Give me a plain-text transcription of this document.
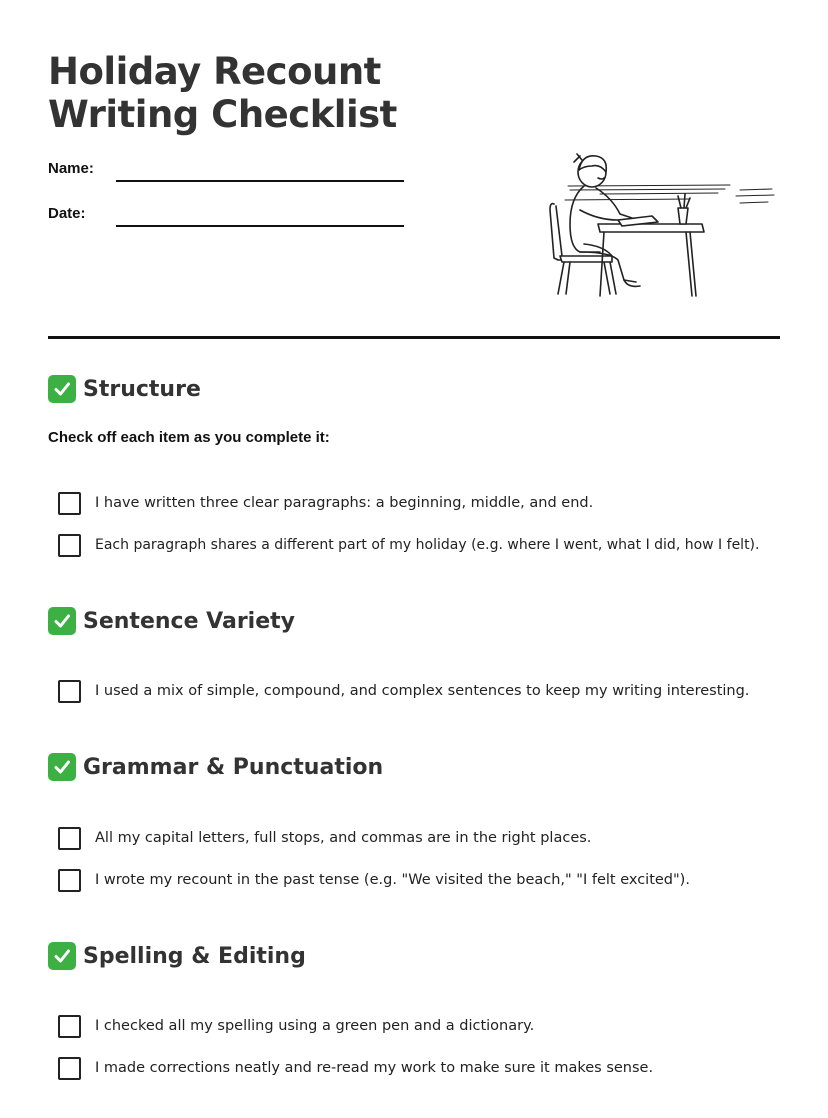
Holiday Recount
Writing Checklist
Name:
Date:
Structure

Check off each item as you complete it:

I have written three clear paragraphs: a beginning, middle, and end.
Each paragraph shares a different part of my holiday (e.g. where I went, what I did, how I felt).
Sentence Variety
I used a mix of simple, compound, and complex sentences to keep my writing interesting.
Grammar & Punctuation
All my capital letters, full stops, and commas are in the right places.
I wrote my recount in the past tense (e.g. "We visited the beach," "I felt excited").
Spelling & Editing
I checked all my spelling using a green pen and a dictionary.
I made corrections neatly and re-read my work to make sure it makes sense.
